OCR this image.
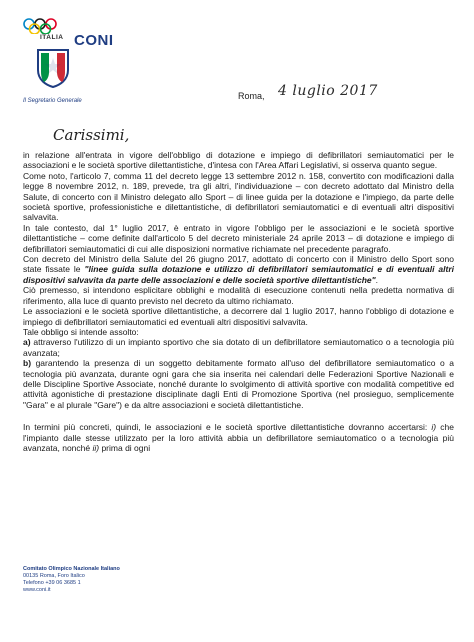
ITALIA CONI
Il Segretario Generale	Roma, 4 luglio 2017
Carissimi,

in relazione all'entrata in vigore dell'obbligo di dotazione e impiego di defibrillatori semiautomatici per le associazioni e le società sportive dilettantistiche, d'intesa con l'Area Affari Legislativi, si osserva quanto segue.

Come noto, l'articolo 7, comma 11 del decreto legge 13 settembre 2012 n. 158, convertito con modificazioni dalla legge 8 novembre 2012, n. 189, prevede, tra gli altri, l'individuazione – con decreto adottato dal Ministro della Salute, di concerto con il Ministro delegato allo Sport – di linee guida per la dotazione e l'impiego, da parte delle società sportive, professionistiche e dilettantistiche, di defibrillatori semiautomatici e di eventuali altri dispositivi salvavita.

In tale contesto, dal 1° luglio 2017, è entrato in vigore l'obbligo per le associazioni e le società sportive dilettantistiche – come definite dall'articolo 5 del decreto ministeriale 24 aprile 2013 – di dotazione e impiego di defibrillatori semiautomatici di cui alle disposizioni normative richiamate nel precedente paragrafo.

Con decreto del Ministro della Salute del 26 giugno 2017, adottato di concerto con il Ministro dello Sport sono state fissate le "linee guida sulla dotazione e utilizzo di defibrillatori semiautomatici e di eventuali altri dispositivi salvavita da parte delle associazioni e delle società sportive dilettantistiche".

Ciò premesso, si intendono esplicitare obblighi e modalità di esecuzione contenuti nella predetta normativa di riferimento, alla luce di quanto previsto nel decreto da ultimo richiamato.

Le associazioni e le società sportive dilettantistiche, a decorrere dal 1 luglio 2017, hanno l'obbligo di dotazione e impiego di defibrillatori semiautomatici ed eventuali altri dispositivi salvavita.

Tale obbligo si intende assolto:

a) attraverso l'utilizzo di un impianto sportivo che sia dotato di un defibrillatore semiautomatico o a tecnologia più avanzata;

b) garantendo la presenza di un soggetto debitamente formato all'uso del defibrillatore semiautomatico o a tecnologia più avanzata, durante ogni gara che sia inserita nei calendari delle Federazioni Sportive Nazionali e delle Discipline Sportive Associate, nonché durante lo svolgimento di attività sportive con modalità competitive ed attività agonistiche di prestazione disciplinate dagli Enti di Promozione Sportiva (nel prosieguo, semplicemente "Gara" e al plurale "Gare") e da altre associazioni e società dilettantistiche.

In termini più concreti, quindi, le associazioni e le società sportive dilettantistiche dovranno accertarsi: i) che l'impianto dalle stesse utilizzato per la loro attività abbia un defibrillatore semiautomatico o a tecnologia più avanzata, nonché ii) prima di ogni

Comitato Olimpico Nazionale Italiano
00135 Roma, Foro Italico
Telefono +39 06 3685 1
www.coni.it
